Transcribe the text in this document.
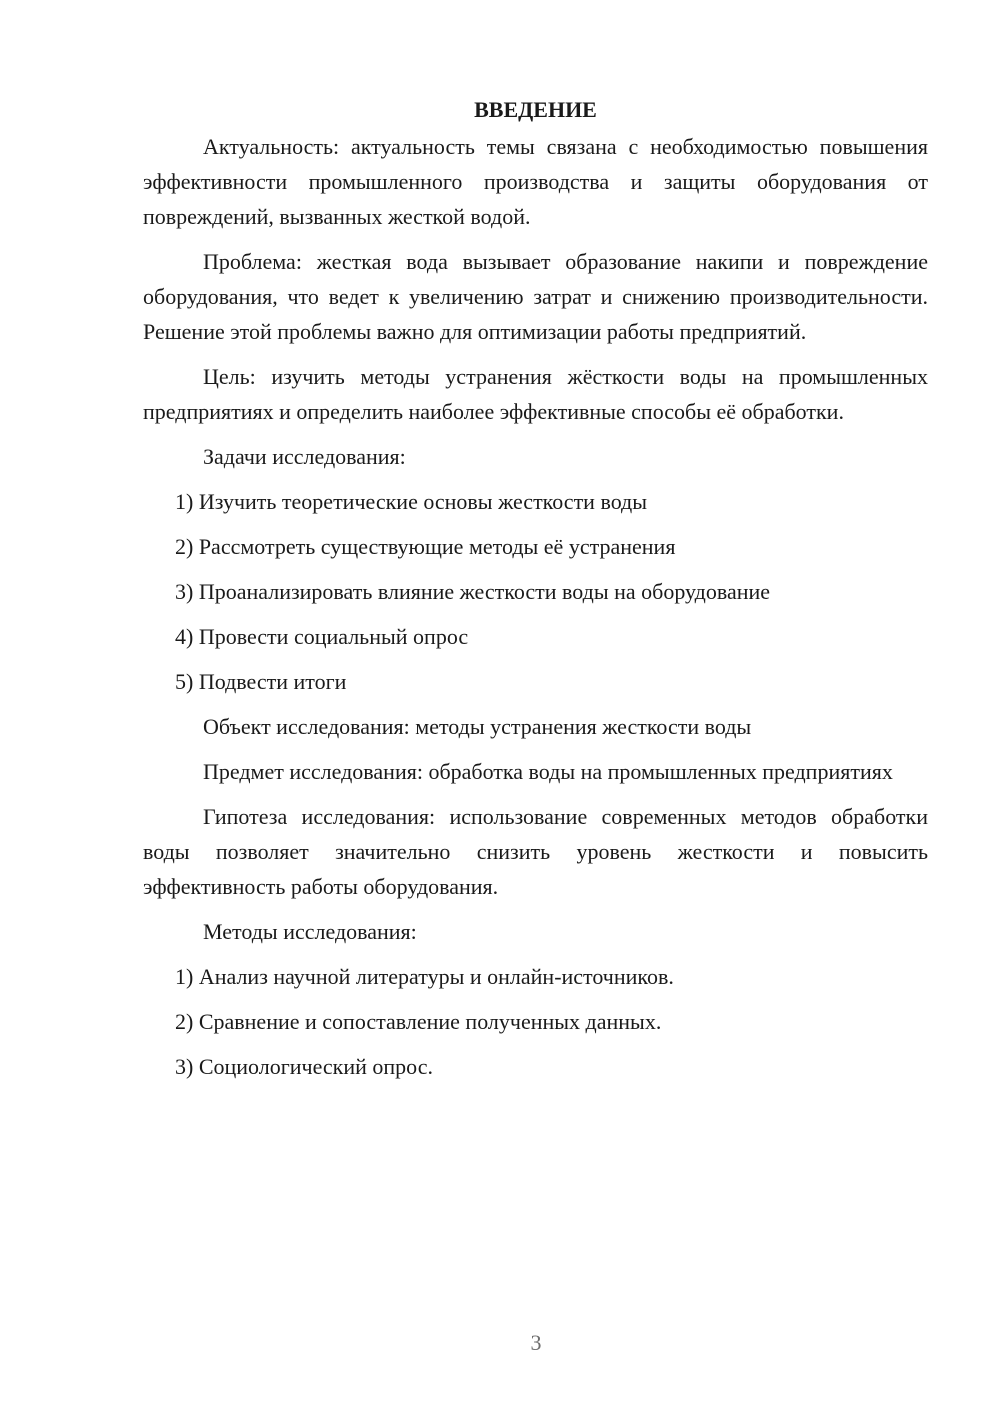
ВВЕДЕНИЕ

Актуальность: актуальность темы связана с необходимостью повышения эффективности промышленного производства и защиты оборудования от повреждений, вызванных жесткой водой.

Проблема: жесткая вода вызывает образование накипи и повреждение оборудования, что ведет к увеличению затрат и снижению производительности. Решение этой проблемы важно для оптимизации работы предприятий.

Цель: изучить методы устранения жёсткости воды на промышленных предприятиях и определить наиболее эффективные способы её обработки.

Задачи исследования:

1) Изучить теоретические основы жесткости воды
2) Рассмотреть существующие методы её устранения
3) Проанализировать влияние жесткости воды на оборудование
4) Провести социальный опрос
5) Подвести итоги

Объект исследования: методы устранения жесткости воды

Предмет исследования: обработка воды на промышленных предприятиях

Гипотеза исследования: использование современных методов обработки воды позволяет значительно снизить уровень жесткости и повысить эффективность работы оборудования.

Методы исследования:

1) Анализ научной литературы и онлайн-источников.
2) Сравнение и сопоставление полученных данных.
3) Социологический опрос.
3
